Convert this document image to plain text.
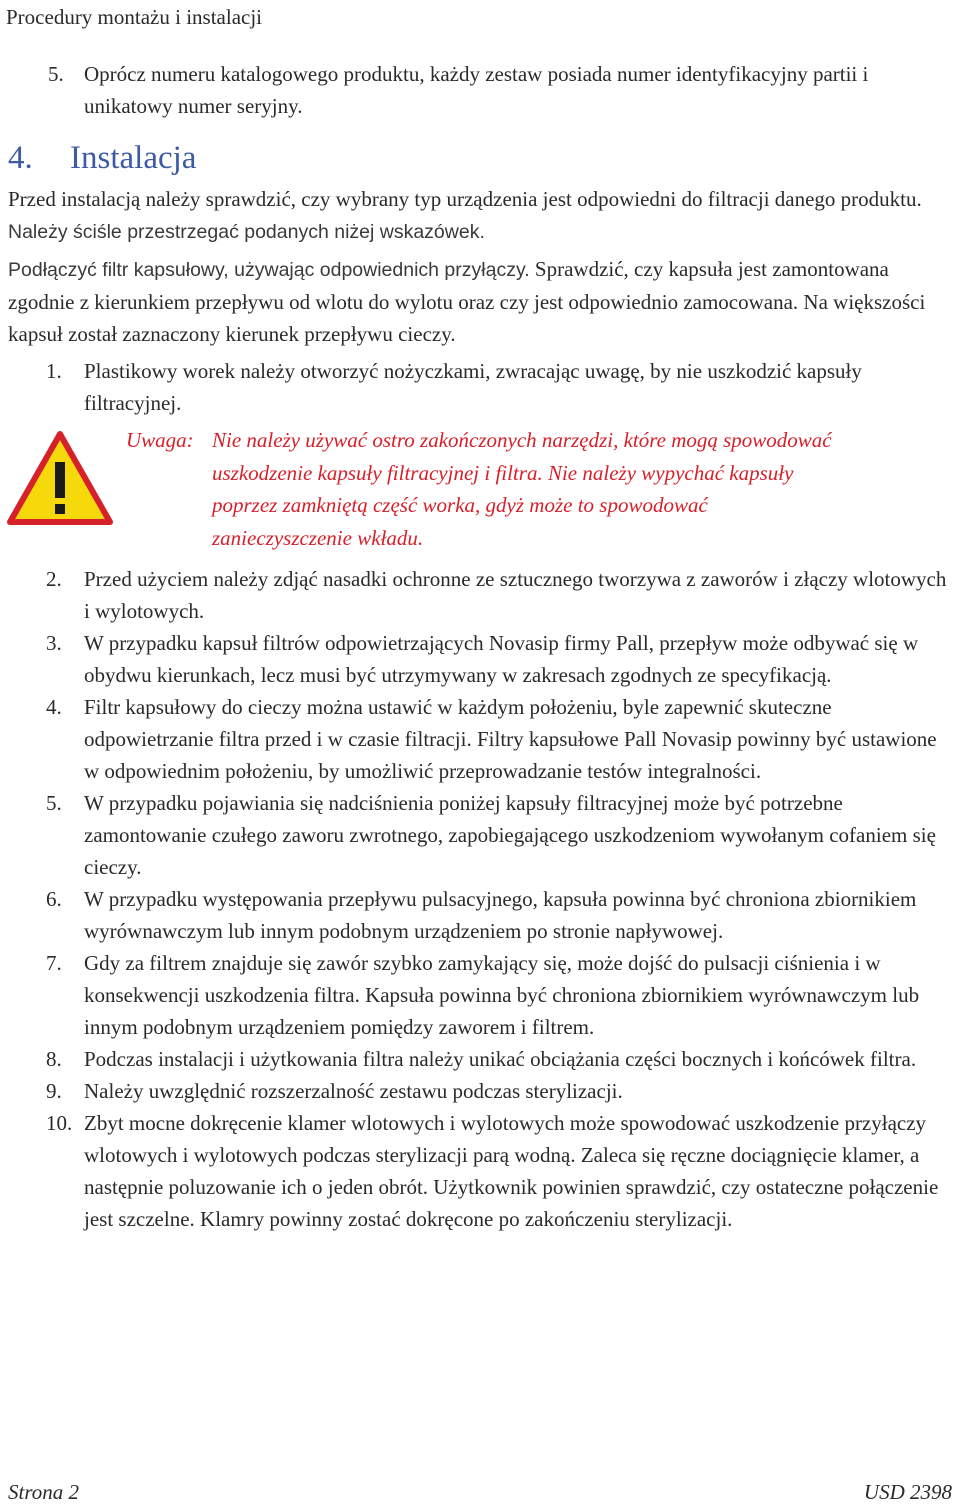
Procedury montażu i instalacji
5. Oprócz numeru katalogowego produktu, każdy zestaw posiada numer identyfikacyjny partii i unikatowy numer seryjny.
4. Instalacja
Przed instalacją należy sprawdzić, czy wybrany typ urządzenia jest odpowiedni do filtracji danego produktu. Należy ściśle przestrzegać podanych niżej wskazówek.
Podłączyć filtr kapsułowy, używając odpowiednich przyłączy. Sprawdzić, czy kapsuła jest zamontowana zgodnie z kierunkiem przepływu od wlotu do wylotu oraz czy jest odpowiednio zamocowana. Na większości kapsuł został zaznaczony kierunek przepływu cieczy.
1.	Plastikowy worek należy otworzyć nożyczkami, zwracając uwagę, by nie uszkodzić kapsuły filtracyjnej.
Uwaga: Nie należy używać ostro zakończonych narzędzi, które mogą spowodować uszkodzenie kapsuły filtracyjnej i filtra. Nie należy wypychać kapsuły poprzez zamkniętą część worka, gdyż może to spowodować zanieczyszczenie wkładu.
2.	Przed użyciem należy zdjąć nasadki ochronne ze sztucznego tworzywa z zaworów i złączy wlotowych i wylotowych.
3.	W przypadku kapsuł filtrów odpowietrzających Novasip firmy Pall, przepływ może odbywać się w obydwu kierunkach, lecz musi być utrzymywany w zakresach zgodnych ze specyfikacją.
4.	Filtr kapsułowy do cieczy można ustawić w każdym położeniu, byle zapewnić skuteczne odpowietrzanie filtra przed i w czasie filtracji. Filtry kapsułowe Pall Novasip powinny być ustawione w odpowiednim położeniu, by umożliwić przeprowadzanie testów integralności.
5.	W przypadku pojawiania się nadciśnienia poniżej kapsuły filtracyjnej może być potrzebne zamontowanie czułego zaworu zwrotnego, zapobiegającego uszkodzeniom wywołanym cofaniem się cieczy.
6.	W przypadku występowania przepływu pulsacyjnego, kapsuła powinna być chroniona zbiornikiem wyrównawczym lub innym podobnym urządzeniem po stronie napływowej.
7.	Gdy za filtrem znajduje się zawór szybko zamykający się, może dojść do pulsacji ciśnienia i w konsekwencji uszkodzenia filtra. Kapsuła powinna być chroniona zbiornikiem wyrównawczym lub innym podobnym urządzeniem pomiędzy zaworem i filtrem.
8.	Podczas instalacji i użytkowania filtra należy unikać obciążania części bocznych i końcówek filtra.
9.	Należy uwzględnić rozszerzalność zestawu podczas sterylizacji.
10. Zbyt mocne dokręcenie klamer wlotowych i wylotowych może spowodować uszkodzenie przyłączy wlotowych i wylotowych podczas sterylizacji parą wodną. Zaleca się ręczne dociągnięcie klamer, a następnie poluzowanie ich o jeden obrót. Użytkownik powinien sprawdzić, czy ostateczne połączenie jest szczelne. Klamry powinny zostać dokręcone po zakończeniu sterylizacji.
Strona 2	USD 2398
